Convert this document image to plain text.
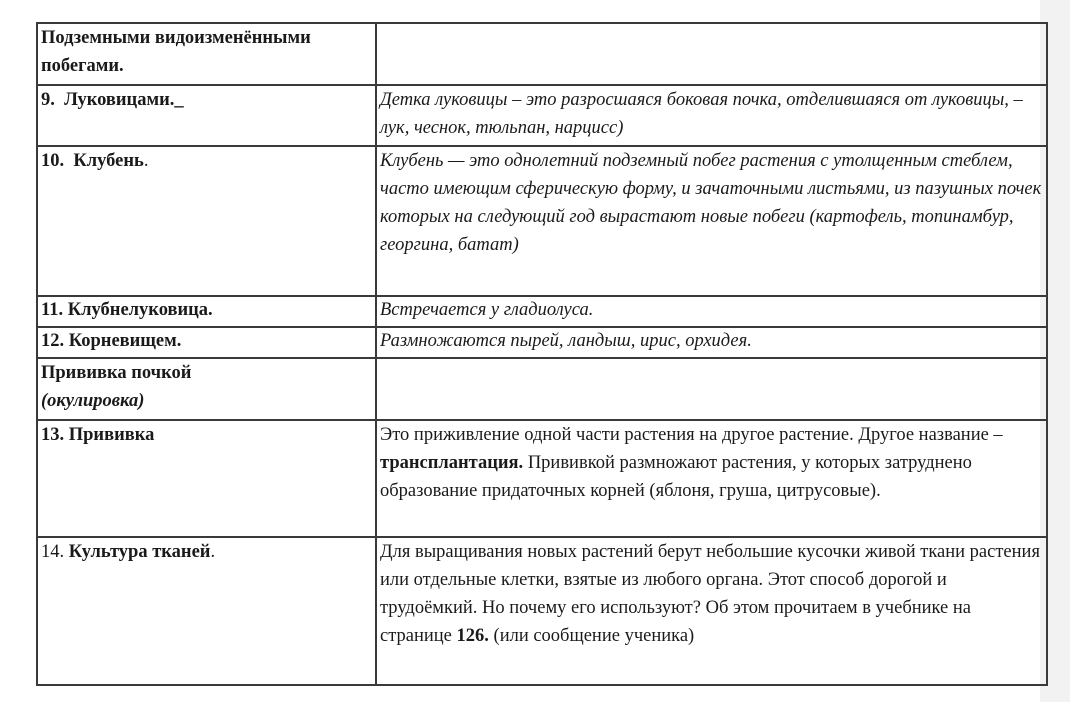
Подземными видоизменёнными побегами.	
9. Луковицами._	Детка луковицы – это разросшаяся боковая почка, отделившаяся от луковицы, – лук, чеснок, тюльпан, нарцисс)
10. Клубень.	Клубень — это однолетний подземный побег растения с утолщенным стеблем, часто имеющим сферическую форму, и зачаточными листьями, из пазушных почек которых на следующий год вырастают новые побеги (картофель, топинамбур, георгина, батат)
11. Клубнелуковица.	Встречается у гладиолуса.
12. Корневищем.	Размножаются пырей, ландыш, ирис, орхидея.
Прививка почкой
(окулировка)	
13. Прививка	Это приживление одной части растения на другое растение. Другое название – трансплантация. Прививкой размножают растения, у которых затруднено образование придаточных корней (яблоня, груша, цитрусовые).
14. Культура тканей.	Для выращивания новых растений берут небольшие кусочки живой ткани растения или отдельные клетки, взятые из любого органа. Этот способ дорогой и трудоёмкий. Но почему его используют? Об этом прочитаем в учебнике на странице 126. (или сообщение ученика)
